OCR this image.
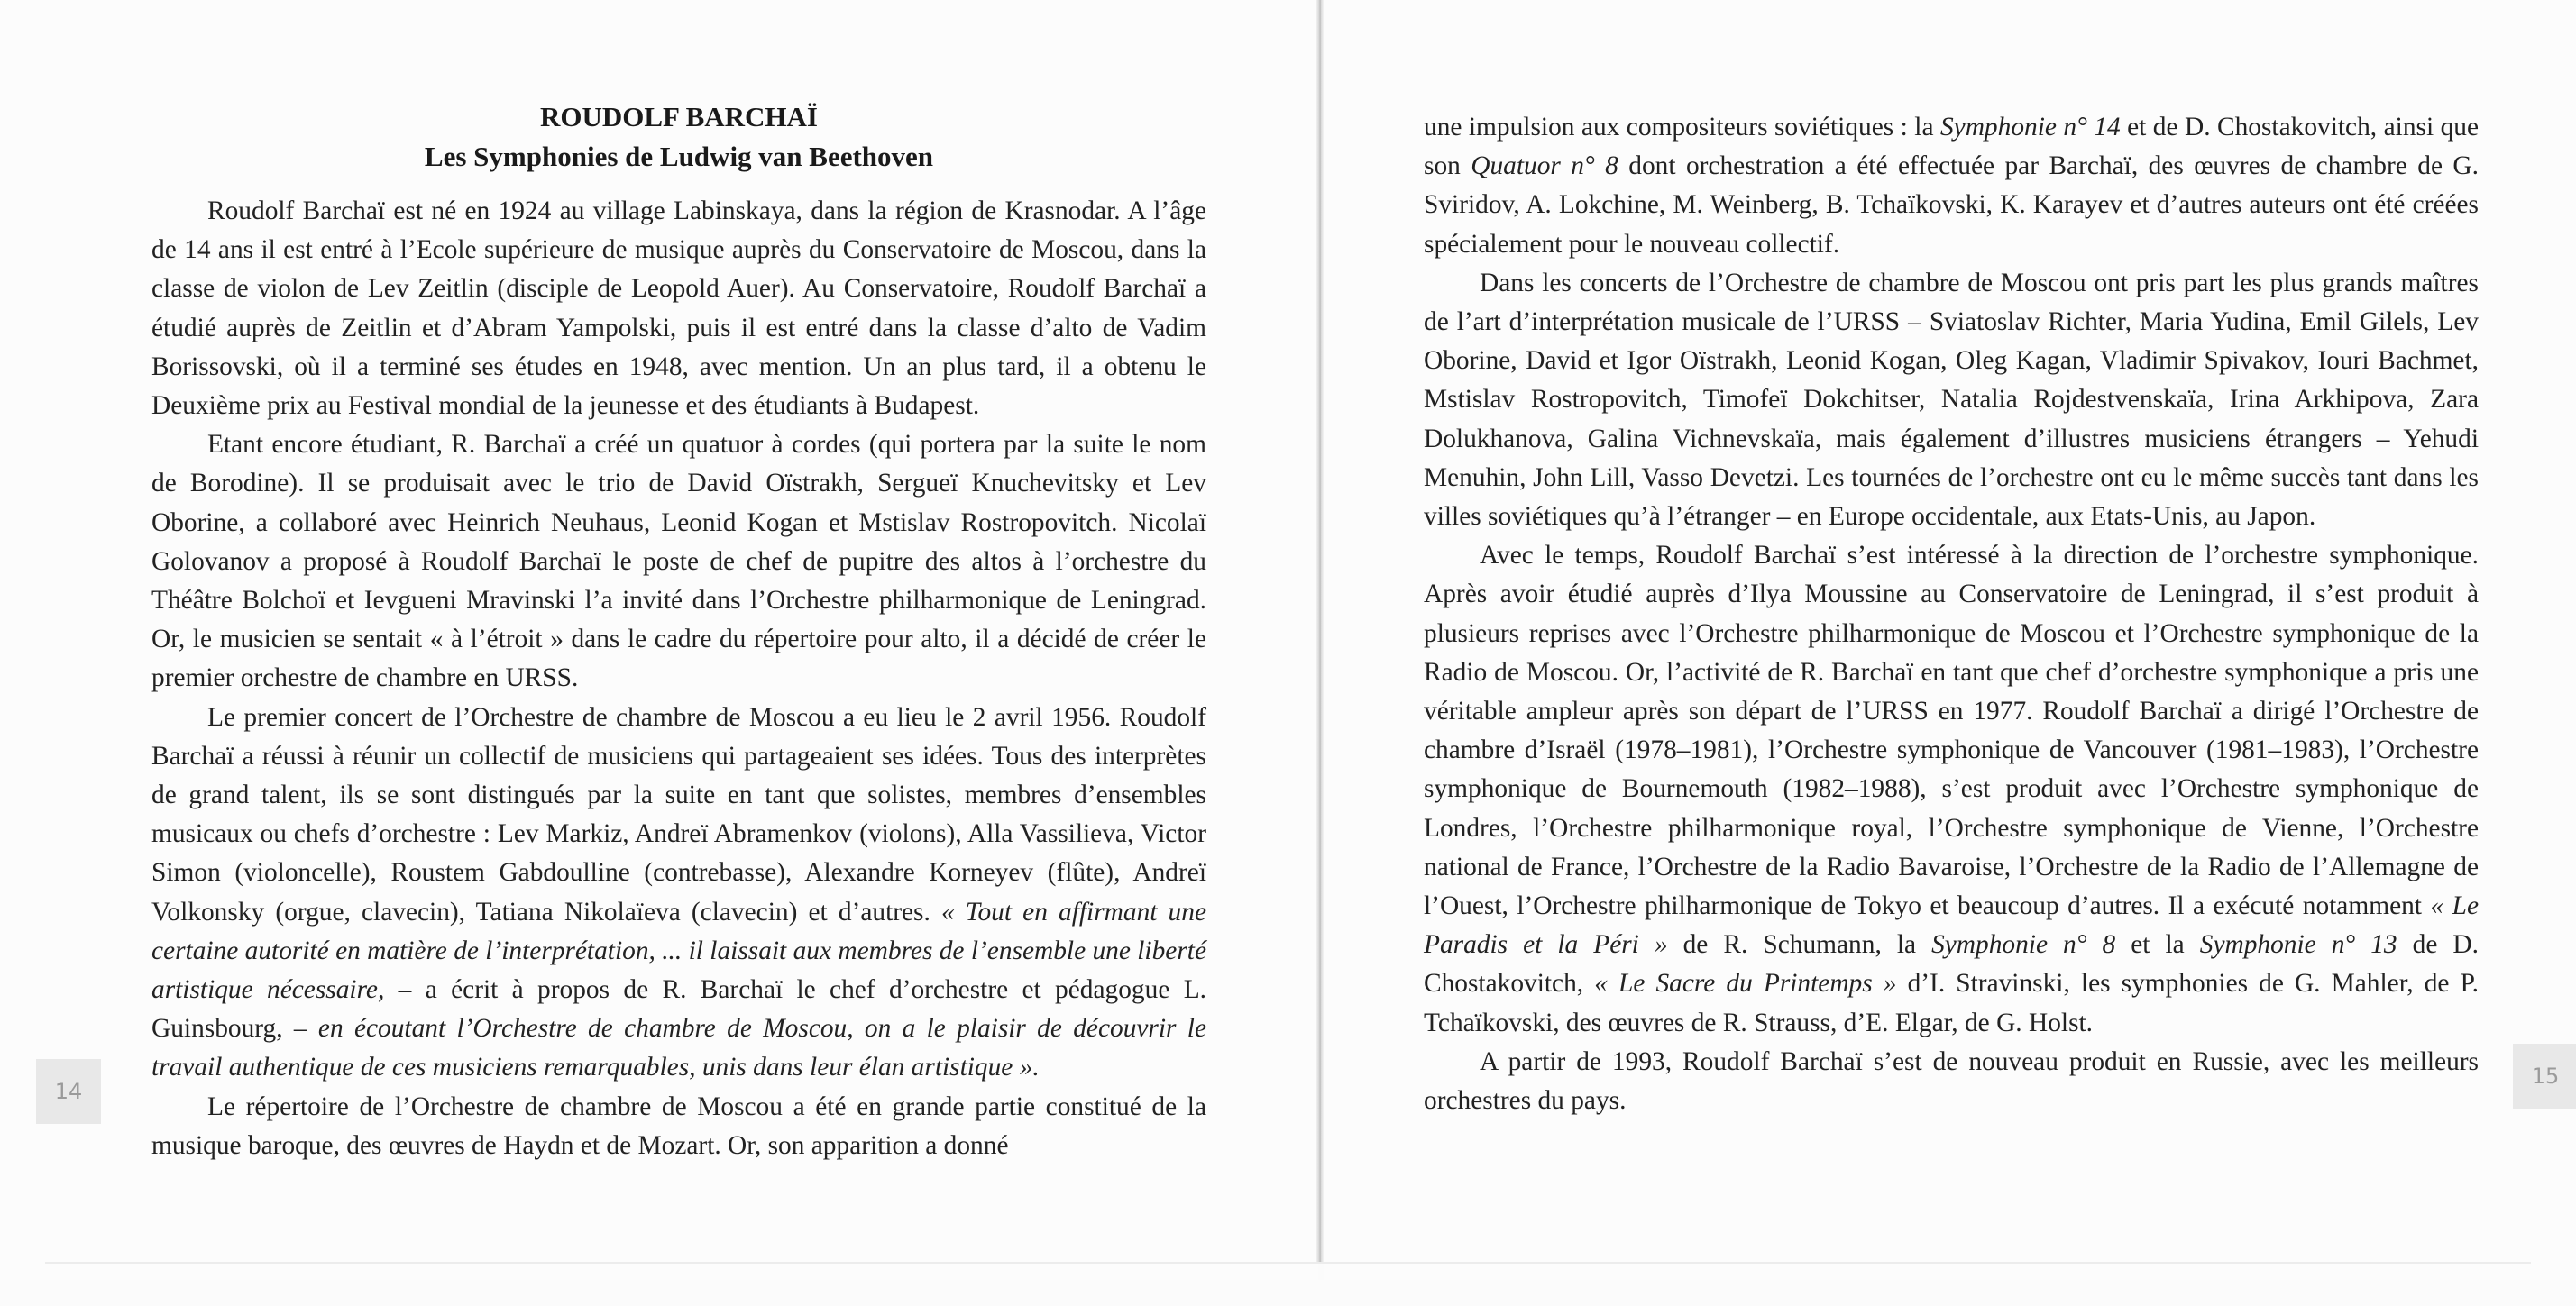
ROUDOLF BARCHAÏ
Les Symphonies de Ludwig van Beethoven

Roudolf Barchaï est né en 1924 au village Labinskaya, dans la région de Krasnodar. A l’âge de 14 ans il est entré à l’Ecole supérieure de musique auprès du Conservatoire de Moscou, dans la classe de violon de Lev Zeitlin (disciple de Leopold Auer). Au Conservatoire, Roudolf Barchaï a étudié auprès de Zeitlin et d’Abram Yampolski, puis il est entré dans la classe d’alto de Vadim Borissovski, où il a terminé ses études en 1948, avec mention. Un an plus tard, il a obtenu le Deuxième prix au Festival mondial de la jeunesse et des étudiants à Budapest.

Etant encore étudiant, R. Barchaï a créé un quatuor à cordes (qui portera par la suite le nom de Borodine). Il se produisait avec le trio de David Oïstrakh, Sergueï Knuchevitsky et Lev Oborine, a collaboré avec Heinrich Neuhaus, Leonid Kogan et Mstislav Rostropovitch. Nicolaï Golovanov a proposé à Roudolf Barchaï le poste de chef de pupitre des altos à l’orchestre du Théâtre Bolchoï et Ievgueni Mravinski l’a invité dans l’Orchestre philharmonique de Leningrad. Or, le musicien se sentait « à l’étroit » dans le cadre du répertoire pour alto, il a décidé de créer le premier orchestre de chambre en URSS.

Le premier concert de l’Orchestre de chambre de Moscou a eu lieu le 2 avril 1956. Roudolf Barchaï a réussi à réunir un collectif de musiciens qui partageaient ses idées. Tous des interprètes de grand talent, ils se sont distingués par la suite en tant que solistes, membres d’ensembles musicaux ou chefs d’orchestre : Lev Markiz, Andreï Abramenkov (violons), Alla Vassilieva, Victor Simon (violoncelle), Roustem Gabdoulline (contrebasse), Alexandre Korneyev (flûte), Andreï Volkonsky (orgue, clavecin), Tatiana Nikolaïeva (clavecin) et d’autres. « Tout en affirmant une certaine autorité en matière de l’interprétation, ... il laissait aux membres de l’ensemble une liberté artistique nécessaire, – a écrit à propos de R. Barchaï le chef d’orchestre et pédagogue L. Guinsbourg, – en écoutant l’Orchestre de chambre de Moscou, on a le plaisir de découvrir le travail authentique de ces musiciens remarquables, unis dans leur élan artistique ».

Le répertoire de l’Orchestre de chambre de Moscou a été en grande partie constitué de la musique baroque, des œuvres de Haydn et de Mozart. Or, son apparition a donné

14

une impulsion aux compositeurs soviétiques : la Symphonie n° 14 et de D. Chostakovitch, ainsi que son Quatuor n° 8 dont orchestration a été effectuée par Barchaï, des œuvres de chambre de G. Sviridov, A. Lokchine, M. Weinberg, B. Tchaïkovski, K. Karayev et d’autres auteurs ont été créées spécialement pour le nouveau collectif.

Dans les concerts de l’Orchestre de chambre de Moscou ont pris part les plus grands maîtres de l’art d’interprétation musicale de l’URSS – Sviatoslav Richter, Maria Yudina, Emil Gilels, Lev Oborine, David et Igor Oïstrakh, Leonid Kogan, Oleg Kagan, Vladimir Spivakov, Iouri Bachmet, Mstislav Rostropovitch, Timofeï Dokchitser, Natalia Rojdestvenskaïa, Irina Arkhipova, Zara Dolukhanova, Galina Vichnevskaïa, mais également d’illustres musiciens étrangers – Yehudi Menuhin, John Lill, Vasso Devetzi. Les tournées de l’orchestre ont eu le même succès tant dans les villes soviétiques qu’à l’étranger – en Europe occidentale, aux Etats-Unis, au Japon.

Avec le temps, Roudolf Barchaï s’est intéressé à la direction de l’orchestre symphonique. Après avoir étudié auprès d’Ilya Moussine au Conservatoire de Leningrad, il s’est produit à plusieurs reprises avec l’Orchestre philharmonique de Moscou et l’Orchestre symphonique de la Radio de Moscou. Or, l’activité de R. Barchaï en tant que chef d’orchestre symphonique a pris une véritable ampleur après son départ de l’URSS en 1977. Roudolf Barchaï a dirigé l’Orchestre de chambre d’Israël (1978–1981), l’Orchestre symphonique de Vancouver (1981–1983), l’Orchestre symphonique de Bournemouth (1982–1988), s’est produit avec l’Orchestre symphonique de Londres, l’Orchestre philharmonique royal, l’Orchestre symphonique de Vienne, l’Orchestre national de France, l’Orchestre de la Radio Bavaroise, l’Orchestre de la Radio de l’Allemagne de l’Ouest, l’Orchestre philharmonique de Tokyo et beaucoup d’autres. Il a exécuté notamment « Le Paradis et la Péri » de R. Schumann, la Symphonie n° 8 et la Symphonie n° 13 de D. Chostakovitch, « Le Sacre du Printemps » d’I. Stravinski, les symphonies de G. Mahler, de P. Tchaïkovski, des œuvres de R. Strauss, d’E. Elgar, de G. Holst.

A partir de 1993, Roudolf Barchaï s’est de nouveau produit en Russie, avec les meilleurs orchestres du pays.

15
